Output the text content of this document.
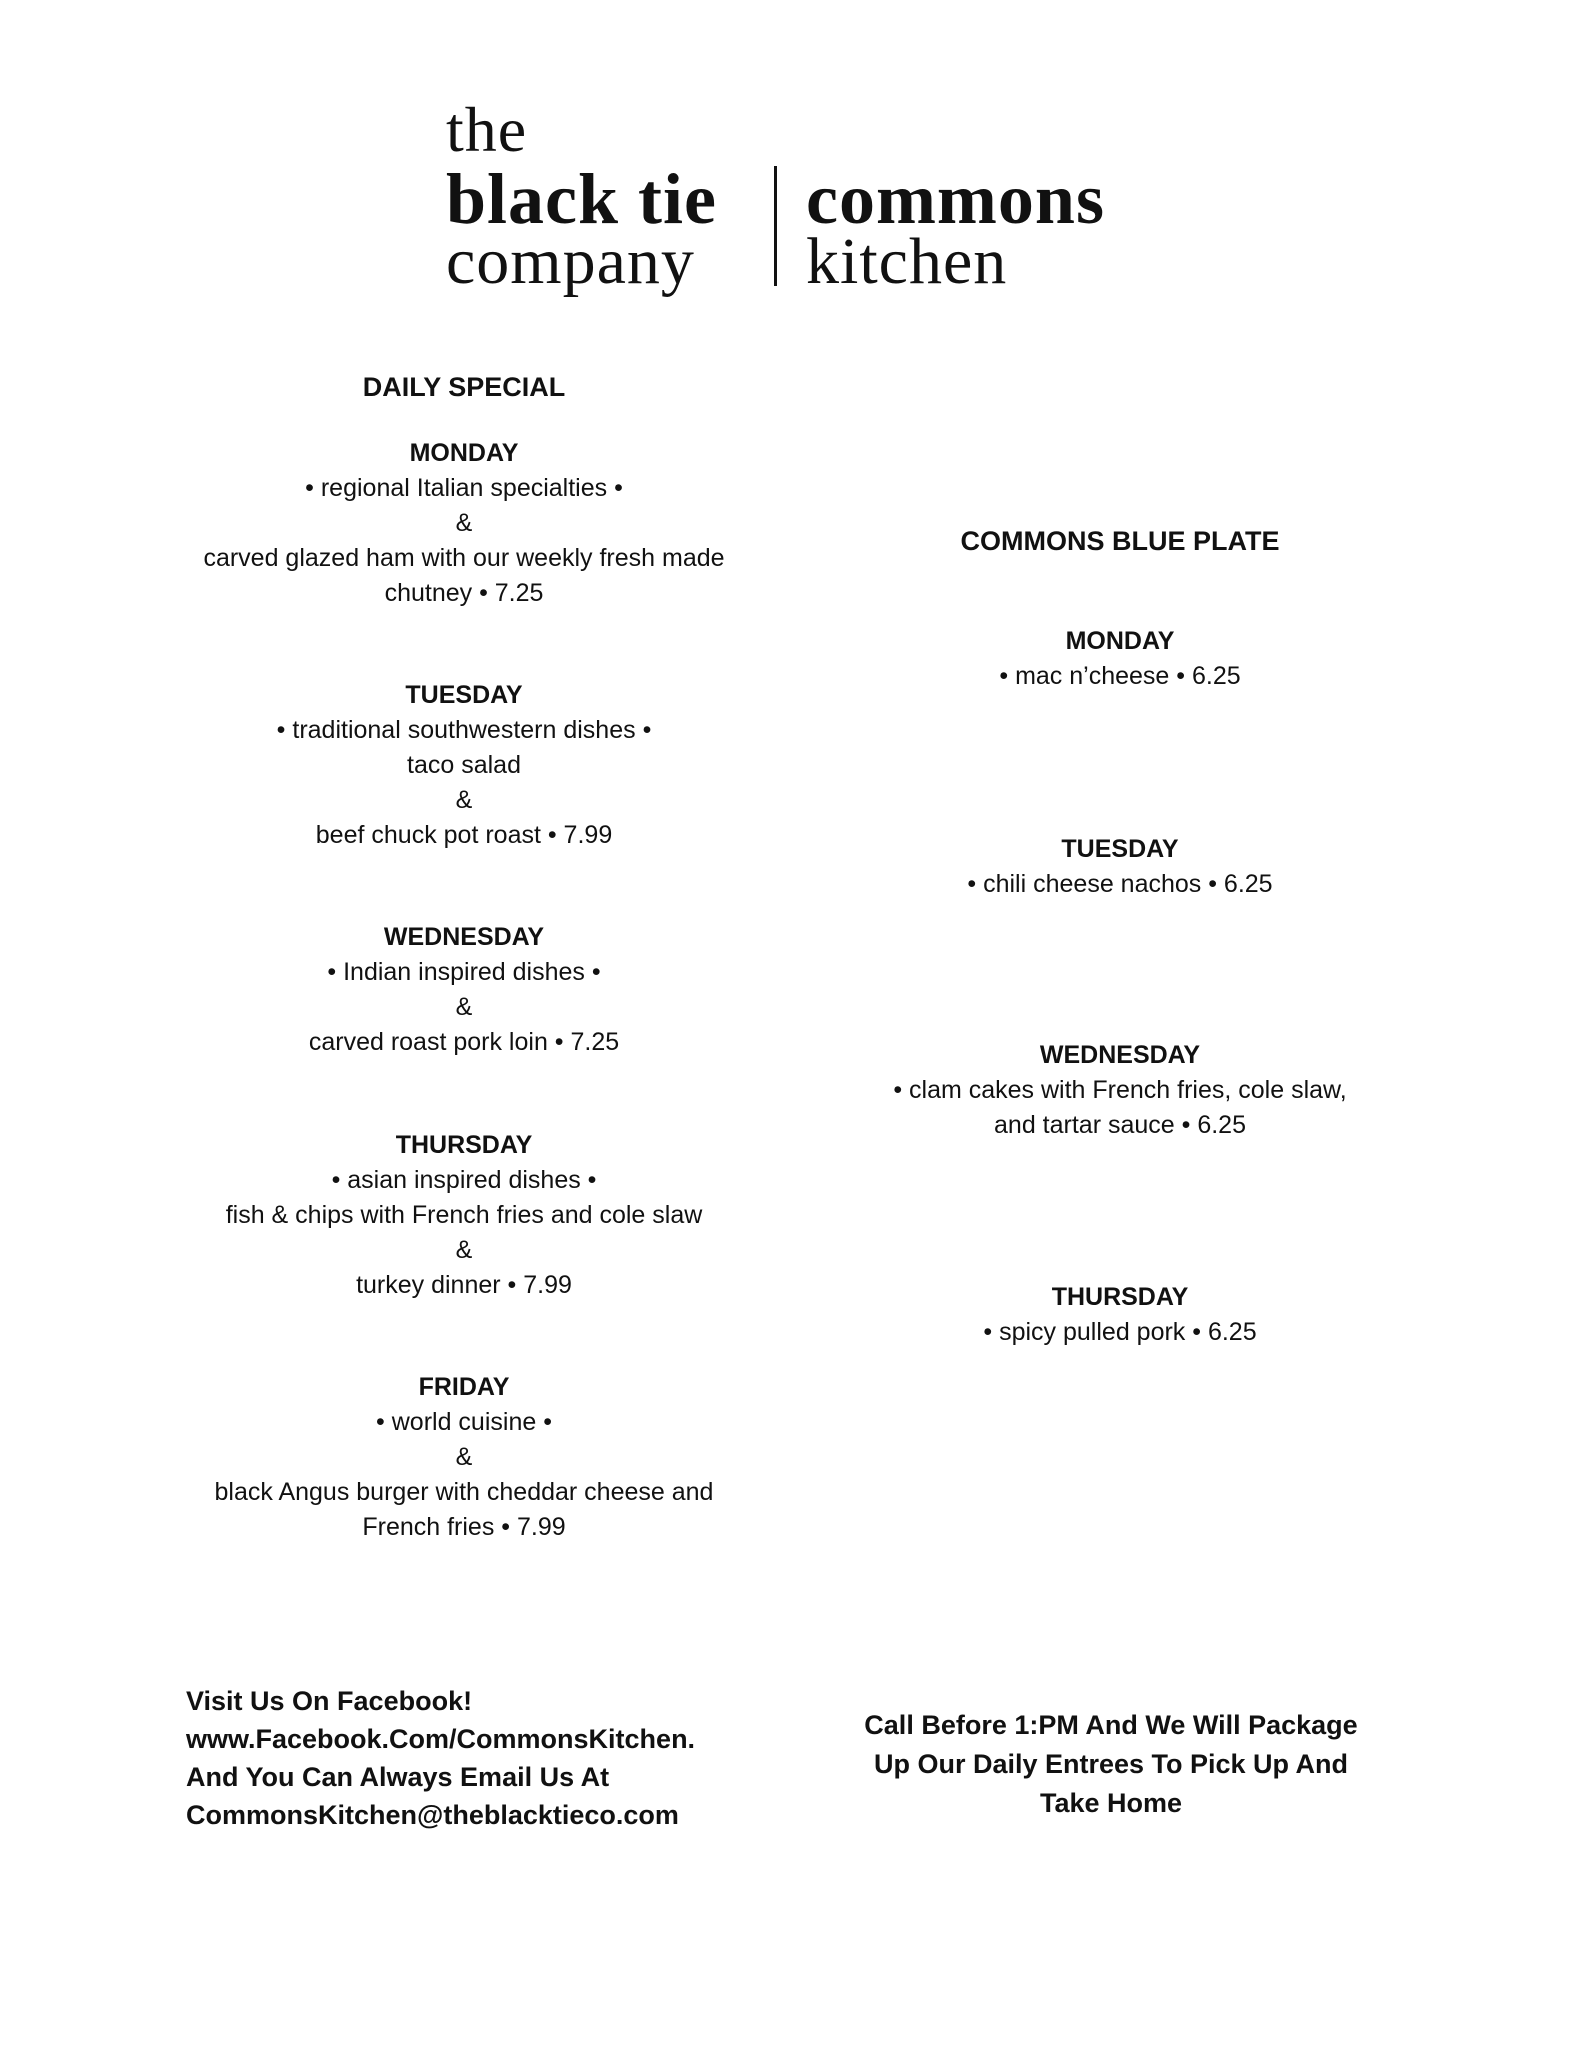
the
black tie
company
commons
kitchen
DAILY SPECIAL
MONDAY
• regional Italian specialties •
&
carved glazed ham with our weekly fresh made
chutney • 7.25
TUESDAY
• traditional southwestern dishes •
taco salad
&
beef chuck pot roast • 7.99
WEDNESDAY
• Indian inspired dishes •
&
carved roast pork loin • 7.25
THURSDAY
• asian inspired dishes •
fish & chips with French fries and cole slaw
&
turkey dinner • 7.99
FRIDAY
• world cuisine •
&
black Angus burger with cheddar cheese and
French fries • 7.99
COMMONS BLUE PLATE
MONDAY
• mac n’cheese • 6.25
TUESDAY
• chili cheese nachos • 6.25
WEDNESDAY
• clam cakes with French fries, cole slaw,
and tartar sauce • 6.25
THURSDAY
• spicy pulled pork • 6.25
Visit Us On Facebook!
www.Facebook.Com/CommonsKitchen.
And You Can Always Email Us At
CommonsKitchen@theblacktieco.com
Call Before 1:PM And We Will Package
Up Our Daily Entrees To Pick Up And
Take Home
